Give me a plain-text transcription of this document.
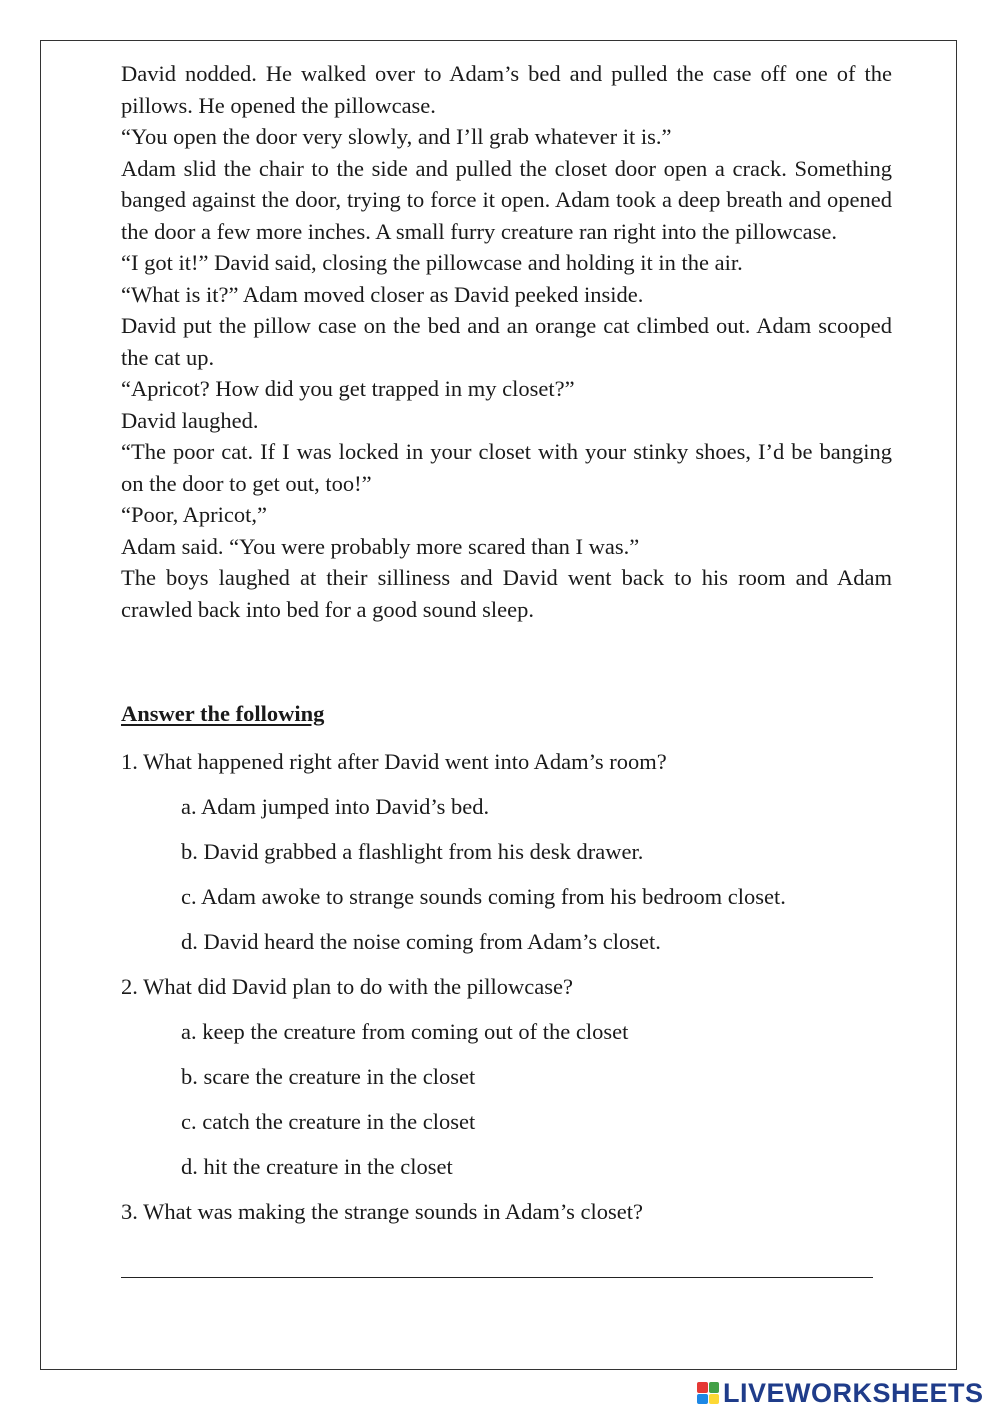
David nodded. He walked over to Adam’s bed and pulled the case off one of the pillows. He opened the pillowcase.

“You open the door very slowly, and I’ll grab whatever it is.”

Adam slid the chair to the side and pulled the closet door open a crack. Something banged against the door, trying to force it open. Adam took a deep breath and opened the door a few more inches. A small furry creature ran right into the pillowcase.

“I got it!” David said, closing the pillowcase and holding it in the air.

“What is it?” Adam moved closer as David peeked inside.

David put the pillow case on the bed and an orange cat climbed out. Adam scooped the cat up.

“Apricot? How did you get trapped in my closet?”

David laughed.

“The poor cat. If I was locked in your closet with your stinky shoes, I’d be banging on the door to get out, too!”

“Poor, Apricot,”

Adam said. “You were probably more scared than I was.”

The boys laughed at their silliness and David went back to his room and Adam crawled back into bed for a good sound sleep.

Answer the following
1. What happened right after David went into Adam’s room?
a. Adam jumped into David’s bed.
b. David grabbed a flashlight from his desk drawer.
c. Adam awoke to strange sounds coming from his bedroom closet.
d. David heard the noise coming from Adam’s closet.
2. What did David plan to do with the pillowcase?
a. keep the creature from coming out of the closet
b. scare the creature in the closet
c. catch the creature in the closet
d. hit the creature in the closet
3. What was making the strange sounds in Adam’s closet?
LIVEWORKSHEETS
